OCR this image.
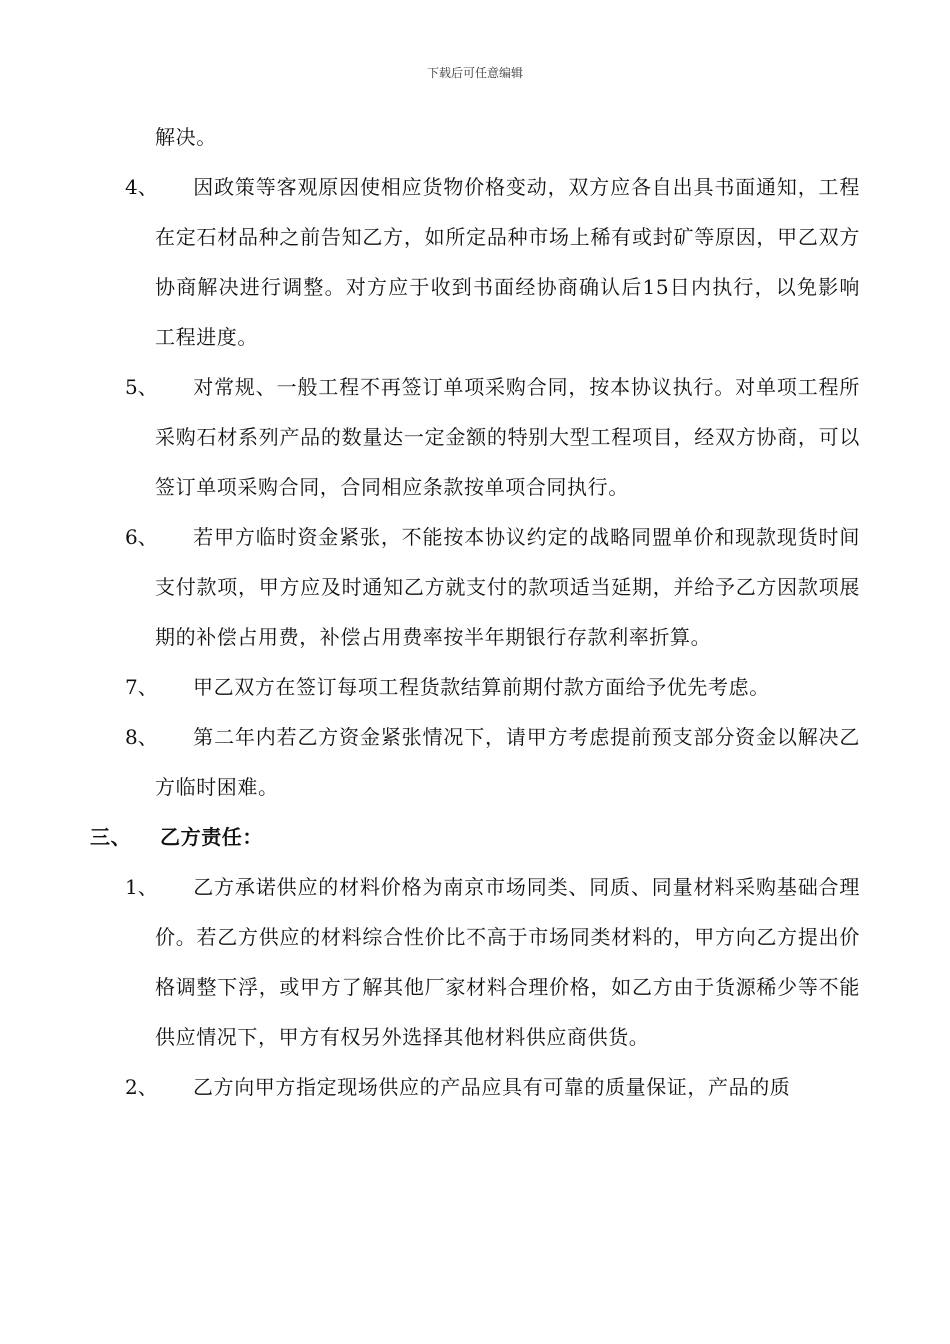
下载后可任意编辑
解决。
4、 因政策等客观原因使相应货物价格变动，双方应各自出具书面通知，工程在定石材品种之前告知乙方，如所定品种市场上稀有或封矿等原因，甲乙双方协商解决进行调整。对方应于收到书面经协商确认后15日内执行，以免影响工程进度。
5、 对常规、一般工程不再签订单项采购合同，按本协议执行。对单项工程所采购石材系列产品的数量达一定金额的特别大型工程项目，经双方协商，可以签订单项采购合同，合同相应条款按单项合同执行。
6、 若甲方临时资金紧张，不能按本协议约定的战略同盟单价和现款现货时间支付款项，甲方应及时通知乙方就支付的款项适当延期，并给予乙方因款项展期的补偿占用费，补偿占用费率按半年期银行存款利率折算。
7、 甲乙双方在签订每项工程货款结算前期付款方面给予优先考虑。
8、 第二年内若乙方资金紧张情况下，请甲方考虑提前预支部分资金以解决乙方临时困难。
三、 乙方责任：
1、 乙方承诺供应的材料价格为南京市场同类、同质、同量材料采购基础合理价。若乙方供应的材料综合性价比不高于市场同类材料的，甲方向乙方提出价格调整下浮，或甲方了解其他厂家材料合理价格，如乙方由于货源稀少等不能供应情况下，甲方有权另外选择其他材料供应商供货。
2、 乙方向甲方指定现场供应的产品应具有可靠的质量保证，产品的质
